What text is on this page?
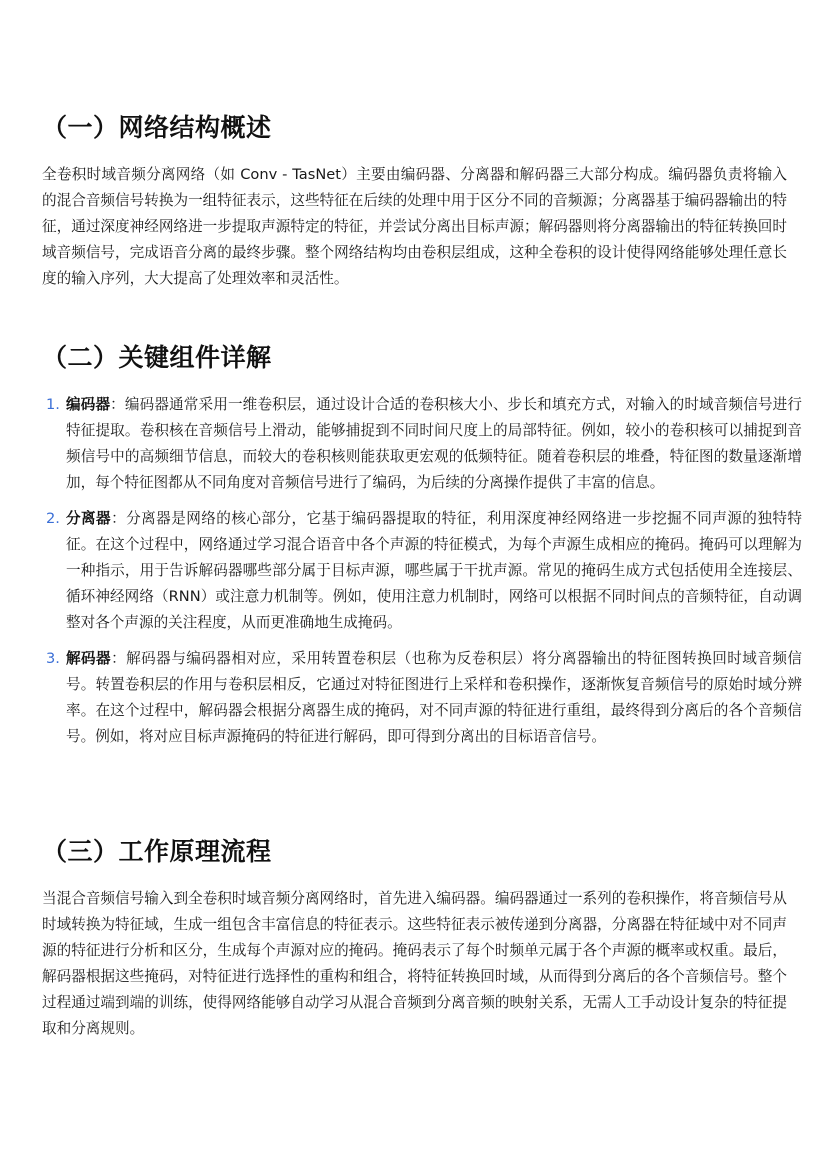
（一）网络结构概述

全卷积时域音频分离网络（如 Conv - TasNet）主要由编码器、分离器和解码器三大部分构成。编码器负责将输入的混合音频信号转换为一组特征表示，这些特征在后续的处理中用于区分不同的音频源；分离器基于编码器输出的特征，通过深度神经网络进一步提取声源特定的特征，并尝试分离出目标声源；解码器则将分离器输出的特征转换回时域音频信号，完成语音分离的最终步骤。整个网络结构均由卷积层组成，这种全卷积的设计使得网络能够处理任意长度的输入序列，大大提高了处理效率和灵活性。

（二）关键组件详解
1. 编码器：编码器通常采用一维卷积层，通过设计合适的卷积核大小、步长和填充方式，对输入的时域音频信号进行特征提取。卷积核在音频信号上滑动，能够捕捉到不同时间尺度上的局部特征。例如，较小的卷积核可以捕捉到音频信号中的高频细节信息，而较大的卷积核则能获取更宏观的低频特征。随着卷积层的堆叠，特征图的数量逐渐增加，每个特征图都从不同角度对音频信号进行了编码，为后续的分离操作提供了丰富的信息。
2. 分离器：分离器是网络的核心部分，它基于编码器提取的特征，利用深度神经网络进一步挖掘不同声源的独特特征。在这个过程中，网络通过学习混合语音中各个声源的特征模式，为每个声源生成相应的掩码。掩码可以理解为一种指示，用于告诉解码器哪些部分属于目标声源，哪些属于干扰声源。常见的掩码生成方式包括使用全连接层、循环神经网络（RNN）或注意力机制等。例如，使用注意力机制时，网络可以根据不同时间点的音频特征，自动调整对各个声源的关注程度，从而更准确地生成掩码。
3. 解码器：解码器与编码器相对应，采用转置卷积层（也称为反卷积层）将分离器输出的特征图转换回时域音频信号。转置卷积层的作用与卷积层相反，它通过对特征图进行上采样和卷积操作，逐渐恢复音频信号的原始时域分辨率。在这个过程中，解码器会根据分离器生成的掩码，对不同声源的特征进行重组，最终得到分离后的各个音频信号。例如，将对应目标声源掩码的特征进行解码，即可得到分离出的目标语音信号。
（三）工作原理流程

当混合音频信号输入到全卷积时域音频分离网络时，首先进入编码器。编码器通过一系列的卷积操作，将音频信号从时域转换为特征域，生成一组包含丰富信息的特征表示。这些特征表示被传递到分离器，分离器在特征域中对不同声源的特征进行分析和区分，生成每个声源对应的掩码。掩码表示了每个时频单元属于各个声源的概率或权重。最后，解码器根据这些掩码，对特征进行选择性的重构和组合，将特征转换回时域，从而得到分离后的各个音频信号。整个过程通过端到端的训练，使得网络能够自动学习从混合音频到分离音频的映射关系，无需人工手动设计复杂的特征提取和分离规则。
